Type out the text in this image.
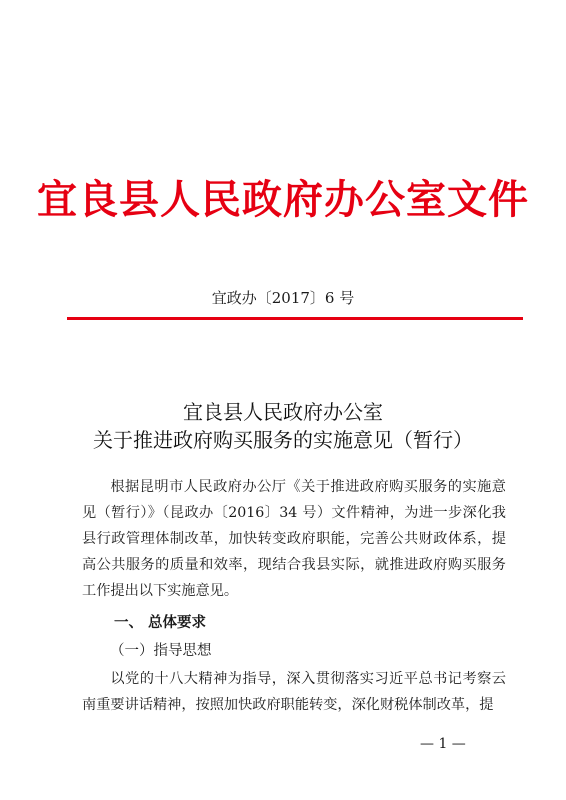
宜良县人民政府办公室文件
宜政办〔2017〕6 号
宜良县人民政府办公室
关于推进政府购买服务的实施意见（暂行）
根据昆明市人民政府办公厅《关于推进政府购买服务的实施意见（暂行）》（昆政办〔2016〕34 号）文件精神，为进一步深化我县行政管理体制改革，加快转变政府职能，完善公共财政体系，提高公共服务的质量和效率，现结合我县实际，就推进政府购买服务工作提出以下实施意见。
一、 总体要求
（一）指导思想
以党的十八大精神为指导，深入贯彻落实习近平总书记考察云南重要讲话精神，按照加快政府职能转变，深化财税体制改革，提
— 1 —
